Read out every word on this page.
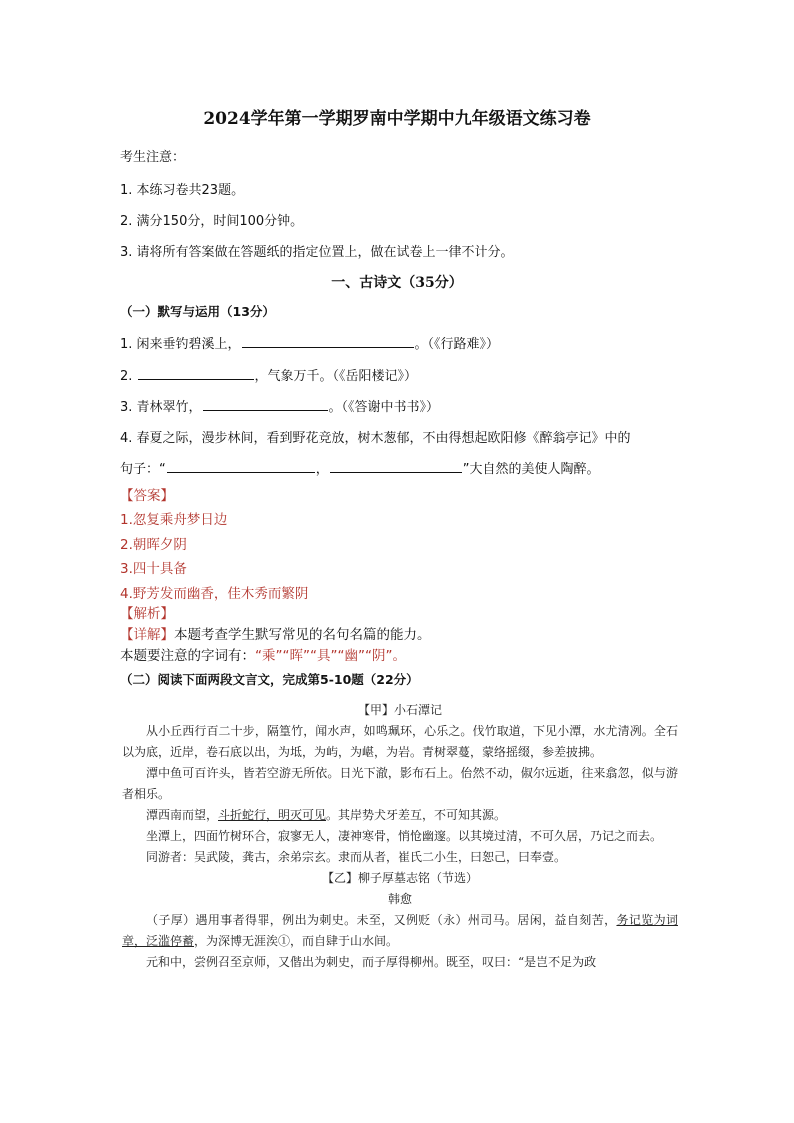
2024学年第一学期罗南中学期中九年级语文练习卷
考生注意：
1. 本练习卷共23题。
2. 满分150分，时间100分钟。
3. 请将所有答案做在答题纸的指定位置上，做在试卷上一律不计分。
一、古诗文（35分）
（一）默写与运用（13分）
1. 闲来垂钓碧溪上，	。（《行路难》）
2.	，气象万千。（《岳阳楼记》）
3. 青林翠竹，	。（《答谢中书书》）
4. 春夏之际，漫步林间，看到野花竞放，树木葱郁，不由得想起欧阳修《醉翁亭记》中的
句子：“	，	”大自然的美使人陶醉。
【答案】
1.忽复乘舟梦日边
2.朝晖夕阴
3.四十具备
4.野芳发而幽香，佳木秀而繁阴
【解析】
【详解】本题考查学生默写常见的名句名篇的能力。
本题要注意的字词有：“乘”“晖”“具”“幽”“阴”。
（二）阅读下面两段文言文，完成第5-10题（22分）

【甲】小石潭记

从小丘西行百二十步，隔篁竹，闻水声，如鸣珮环，心乐之。伐竹取道，下见小潭，水尤清冽。全石以为底，近岸，卷石底以出，为坻，为屿，为嵁，为岩。青树翠蔓，蒙络摇缀，参差披拂。

潭中鱼可百许头，皆若空游无所依。日光下澈，影布石上。佁然不动，俶尔远逝，往来翕忽，似与游者相乐。

潭西南而望，斗折蛇行，明灭可见。其岸势犬牙差互，不可知其源。

坐潭上，四面竹树环合，寂寥无人，凄神寒骨，悄怆幽邃。以其境过清，不可久居，乃记之而去。

同游者：吴武陵，龚古，余弟宗玄。隶而从者，崔氏二小生，曰恕己，曰奉壹。

【乙】柳子厚墓志铭（节选）

韩愈

（子厚）遇用事者得罪，例出为刺史。未至，又例贬（永）州司马。居闲，益自刻苦，务记览为词章，泛滥停蓄，为深博无涯涘①，而自肆于山水间。

元和中，尝例召至京师，又偕出为刺史，而子厚得柳州。既至，叹曰：“是岂不足为政
